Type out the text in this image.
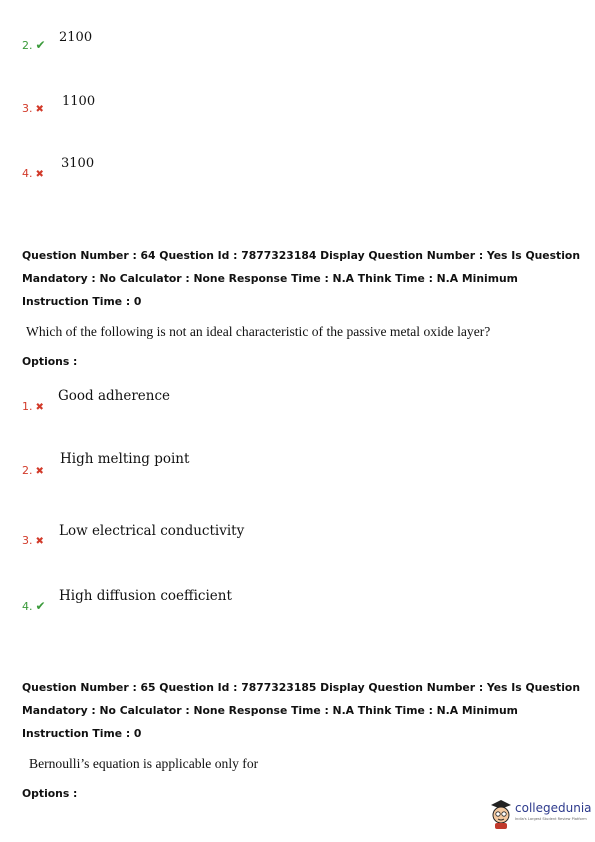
2. ✔ 2100
3. ✖
1100
4. ✖
3100
Question Number : 64 Question Id : 7877323184 Display Question Number : Yes Is Question Mandatory : No Calculator : None Response Time : N.A Think Time : N.A Minimum Instruction Time : 0
Which of the following is not an ideal characteristic of the passive metal oxide layer?
Options :
1. ✖
Good adherence
2. ✖
High melting point
3. ✖
Low electrical conductivity
4. ✔
High diffusion coefficient
Question Number : 65 Question Id : 7877323185 Display Question Number : Yes Is Question Mandatory : No Calculator : None Response Time : N.A Think Time : N.A Minimum Instruction Time : 0
Bernoulli’s equation is applicable only for
Options :
collegedunia
India's Largest Student Review Platform
